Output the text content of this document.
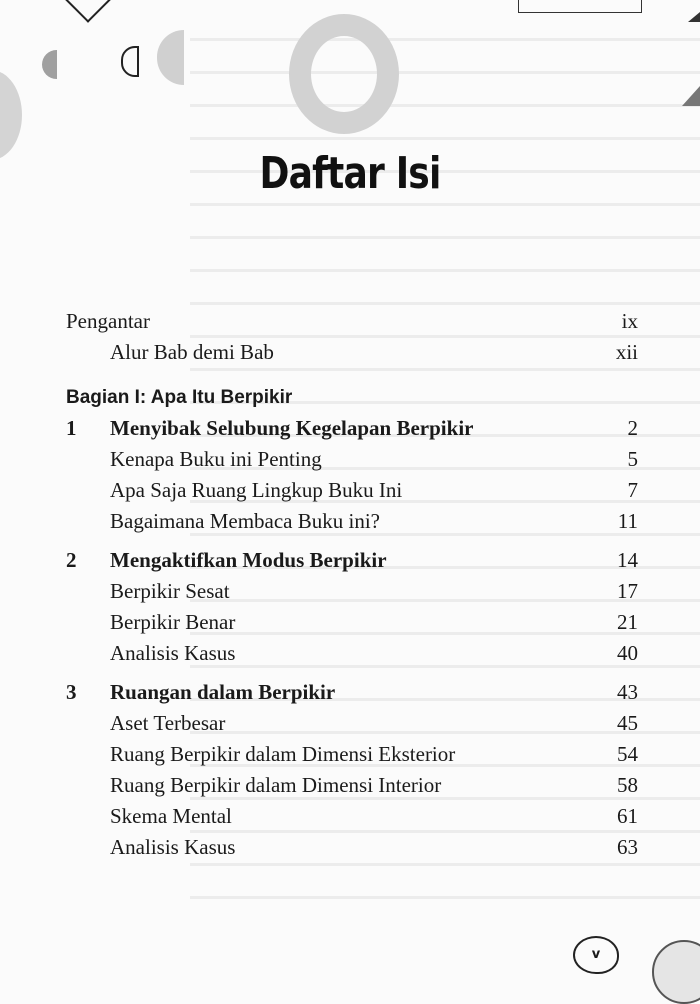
Daftar Isi
Pengantar	ix
Alur Bab demi Bab	xii
Bagian I: Apa Itu Berpikir
1 Menyibak Selubung Kegelapan Berpikir	2
Kenapa Buku ini Penting	5
Apa Saja Ruang Lingkup Buku Ini	7
Bagaimana Membaca Buku ini?	11
2 Mengaktifkan Modus Berpikir	14
Berpikir Sesat	17
Berpikir Benar	21
Analisis Kasus	40
3 Ruangan dalam Berpikir	43
Aset Terbesar	45
Ruang Berpikir dalam Dimensi Eksterior	54
Ruang Berpikir dalam Dimensi Interior	58
Skema Mental	61
Analisis Kasus	63
v
